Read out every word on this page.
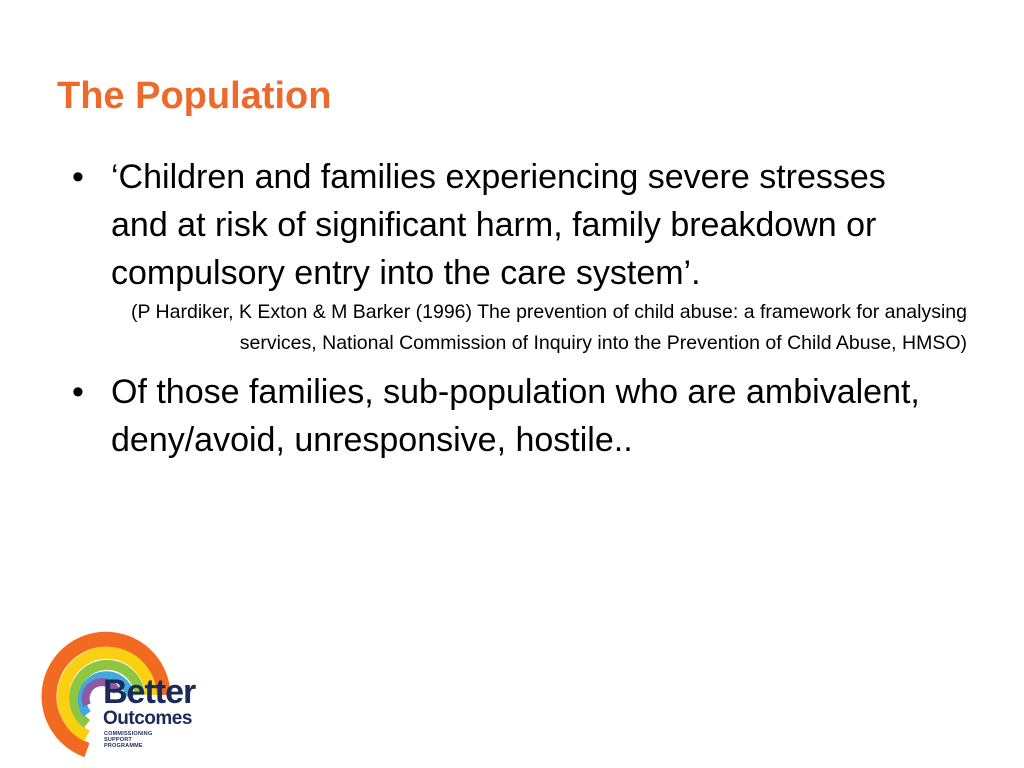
The Population
• ‘Children and families experiencing severe stresses and at risk of significant harm, family breakdown or compulsory entry into the care system’.
(P Hardiker, K Exton & M Barker (1996) The prevention of child abuse: a framework for analysing services, National Commission of Inquiry into the Prevention of Child Abuse, HMSO)
• Of those families, sub-population who are ambivalent, deny/avoid, unresponsive, hostile..
Better
Outcomes
COMMISSIONING SUPPORT PROGRAMME
